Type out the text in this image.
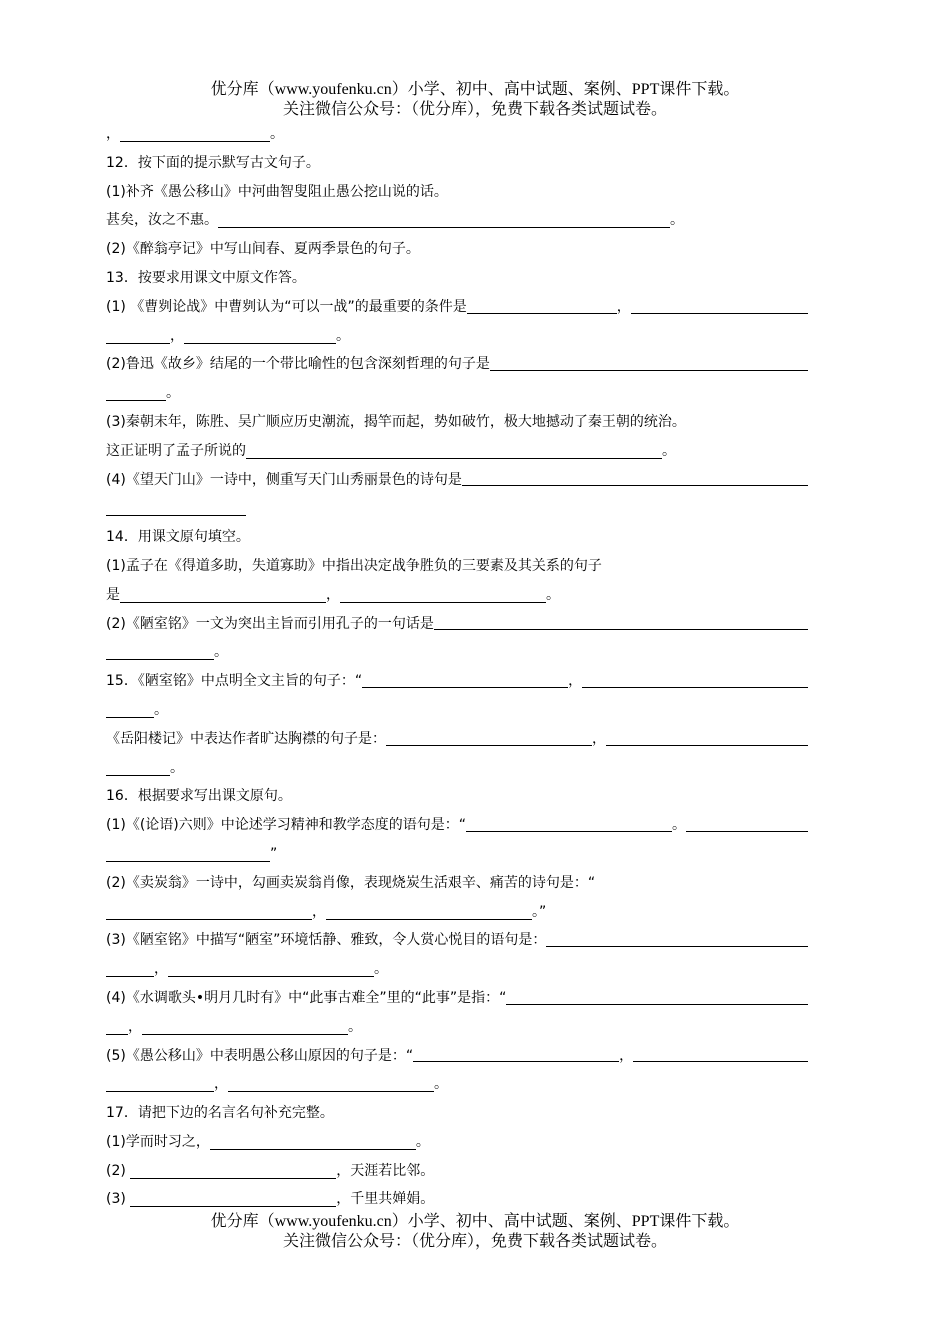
优分库（www.youfenku.cn）小学、初中、高中试题、案例、PPT课件下载。
关注微信公众号：（优分库），免费下载各类试题试卷。
，	。
12．按下面的提示默写古文句子。
(1)补齐《愚公移山》中河曲智叟阻止愚公挖山说的话。
甚矣，汝之不惠。	。
(2)《醉翁亭记》中写山间春、夏两季景色的句子。
13．按要求用课文中原文作答。
(1) 《曹刿论战》中曹刿认为“可以一战”的最重要的条件是	，
，	。
(2)鲁迅《故乡》结尾的一个带比喻性的包含深刻哲理的句子是
。
(3)秦朝末年，陈胜、吴广顺应历史潮流，揭竿而起，势如破竹，极大地撼动了秦王朝的统治。
这正证明了孟子所说的	。
(4)《望天门山》一诗中，侧重写天门山秀丽景色的诗句是
14．用课文原句填空。
(1)孟子在《得道多助，失道寡助》中指出决定战争胜负的三要素及其关系的句子
是	，	。
(2)《陋室铭》一文为突出主旨而引用孔子的一句话是
。
15．《陋室铭》中点明全文主旨的句子：“	，
。
《岳阳楼记》中表达作者旷达胸襟的句子是：	，
。
16．根据要求写出课文原句。
(1)《(论语)六则》中论述学习精神和教学态度的语句是：“	。
”
(2)《卖炭翁》一诗中，勾画卖炭翁肖像，表现烧炭生活艰辛、痛苦的诗句是：“
，	。”
(3)《陋室铭》中描写“陋室”环境恬静、雅致，令人赏心悦目的语句是：
，	。
(4)《水调歌头•明月几时有》中“此事古难全”里的“此事”是指：“
，	。
(5)《愚公移山》中表明愚公移山原因的句子是：“	，
，	。
17．请把下边的名言名句补充完整。
(1)学而时习之，	。
(2)	，天涯若比邻。
(3)	，千里共婵娟。
优分库（www.youfenku.cn）小学、初中、高中试题、案例、PPT课件下载。
关注微信公众号：（优分库），免费下载各类试题试卷。
